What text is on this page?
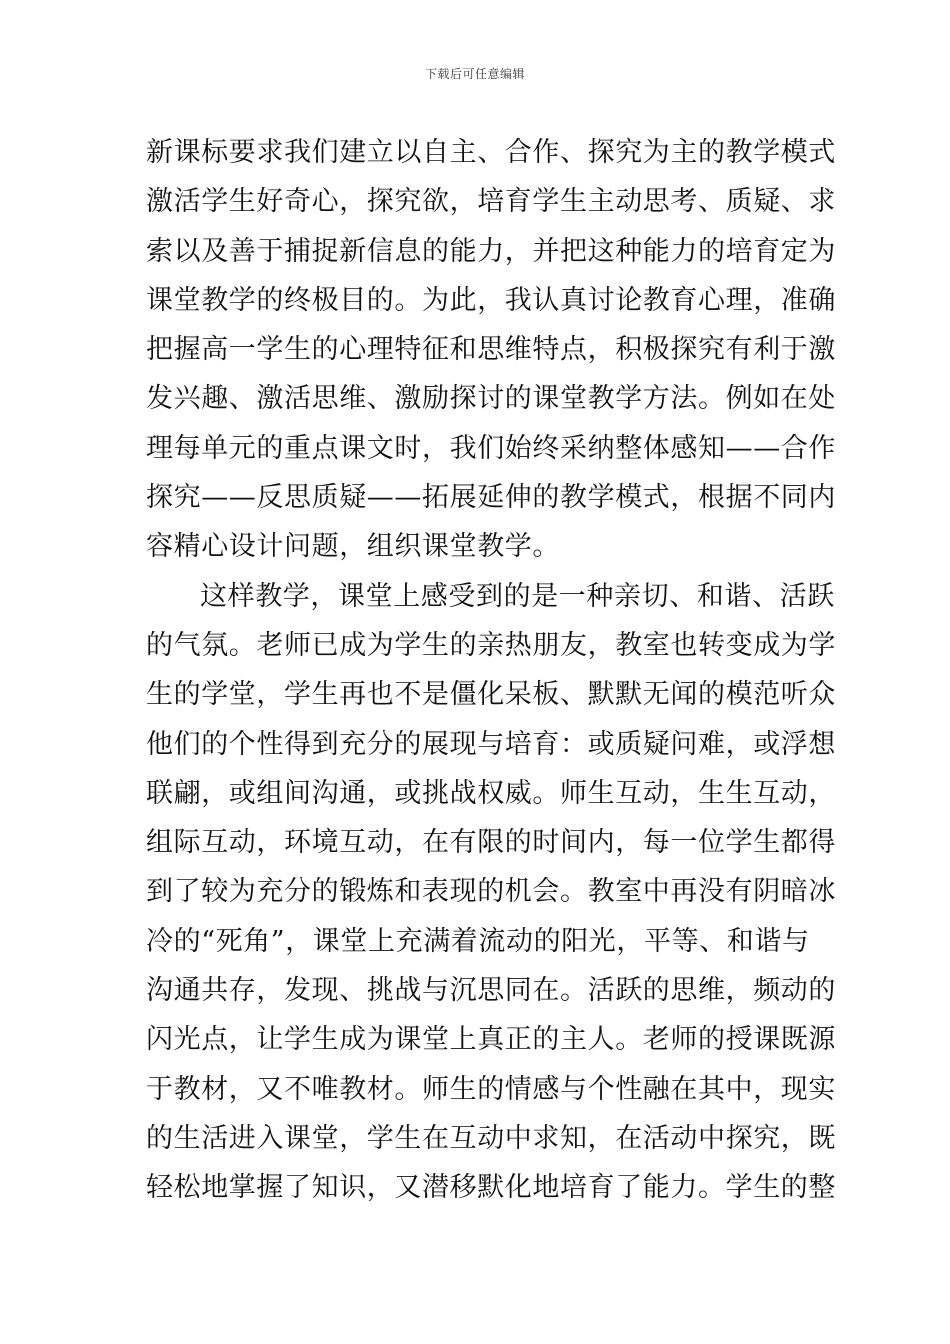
下载后可任意编辑
新课标要求我们建立以自主、合作、探究为主的教学模式
激活学生好奇心，探究欲，培育学生主动思考、质疑、求
索以及善于捕捉新信息的能力，并把这种能力的培育定为
课堂教学的终极目的。为此，我认真讨论教育心理，准确
把握高一学生的心理特征和思维特点，积极探究有利于激
发兴趣、激活思维、激励探讨的课堂教学方法。例如在处
理每单元的重点课文时，我们始终采纳整体感知——合作
探究——反思质疑——拓展延伸的教学模式，根据不同内
容精心设计问题，组织课堂教学。
这样教学，课堂上感受到的是一种亲切、和谐、活跃
的气氛。老师已成为学生的亲热朋友，教室也转变成为学
生的学堂，学生再也不是僵化呆板、默默无闻的模范听众
他们的个性得到充分的展现与培育：或质疑问难，或浮想
联翩，或组间沟通，或挑战权威。师生互动，生生互动，
组际互动，环境互动，在有限的时间内，每一位学生都得
到了较为充分的锻炼和表现的机会。教室中再没有阴暗冰
冷的“死角”，课堂上充满着流动的阳光，平等、和谐与
沟通共存，发现、挑战与沉思同在。活跃的思维，频动的
闪光点，让学生成为课堂上真正的主人。老师的授课既源
于教材，又不唯教材。师生的情感与个性融在其中，现实
的生活进入课堂，学生在互动中求知，在活动中探究，既
轻松地掌握了知识，又潜移默化地培育了能力。学生的整
